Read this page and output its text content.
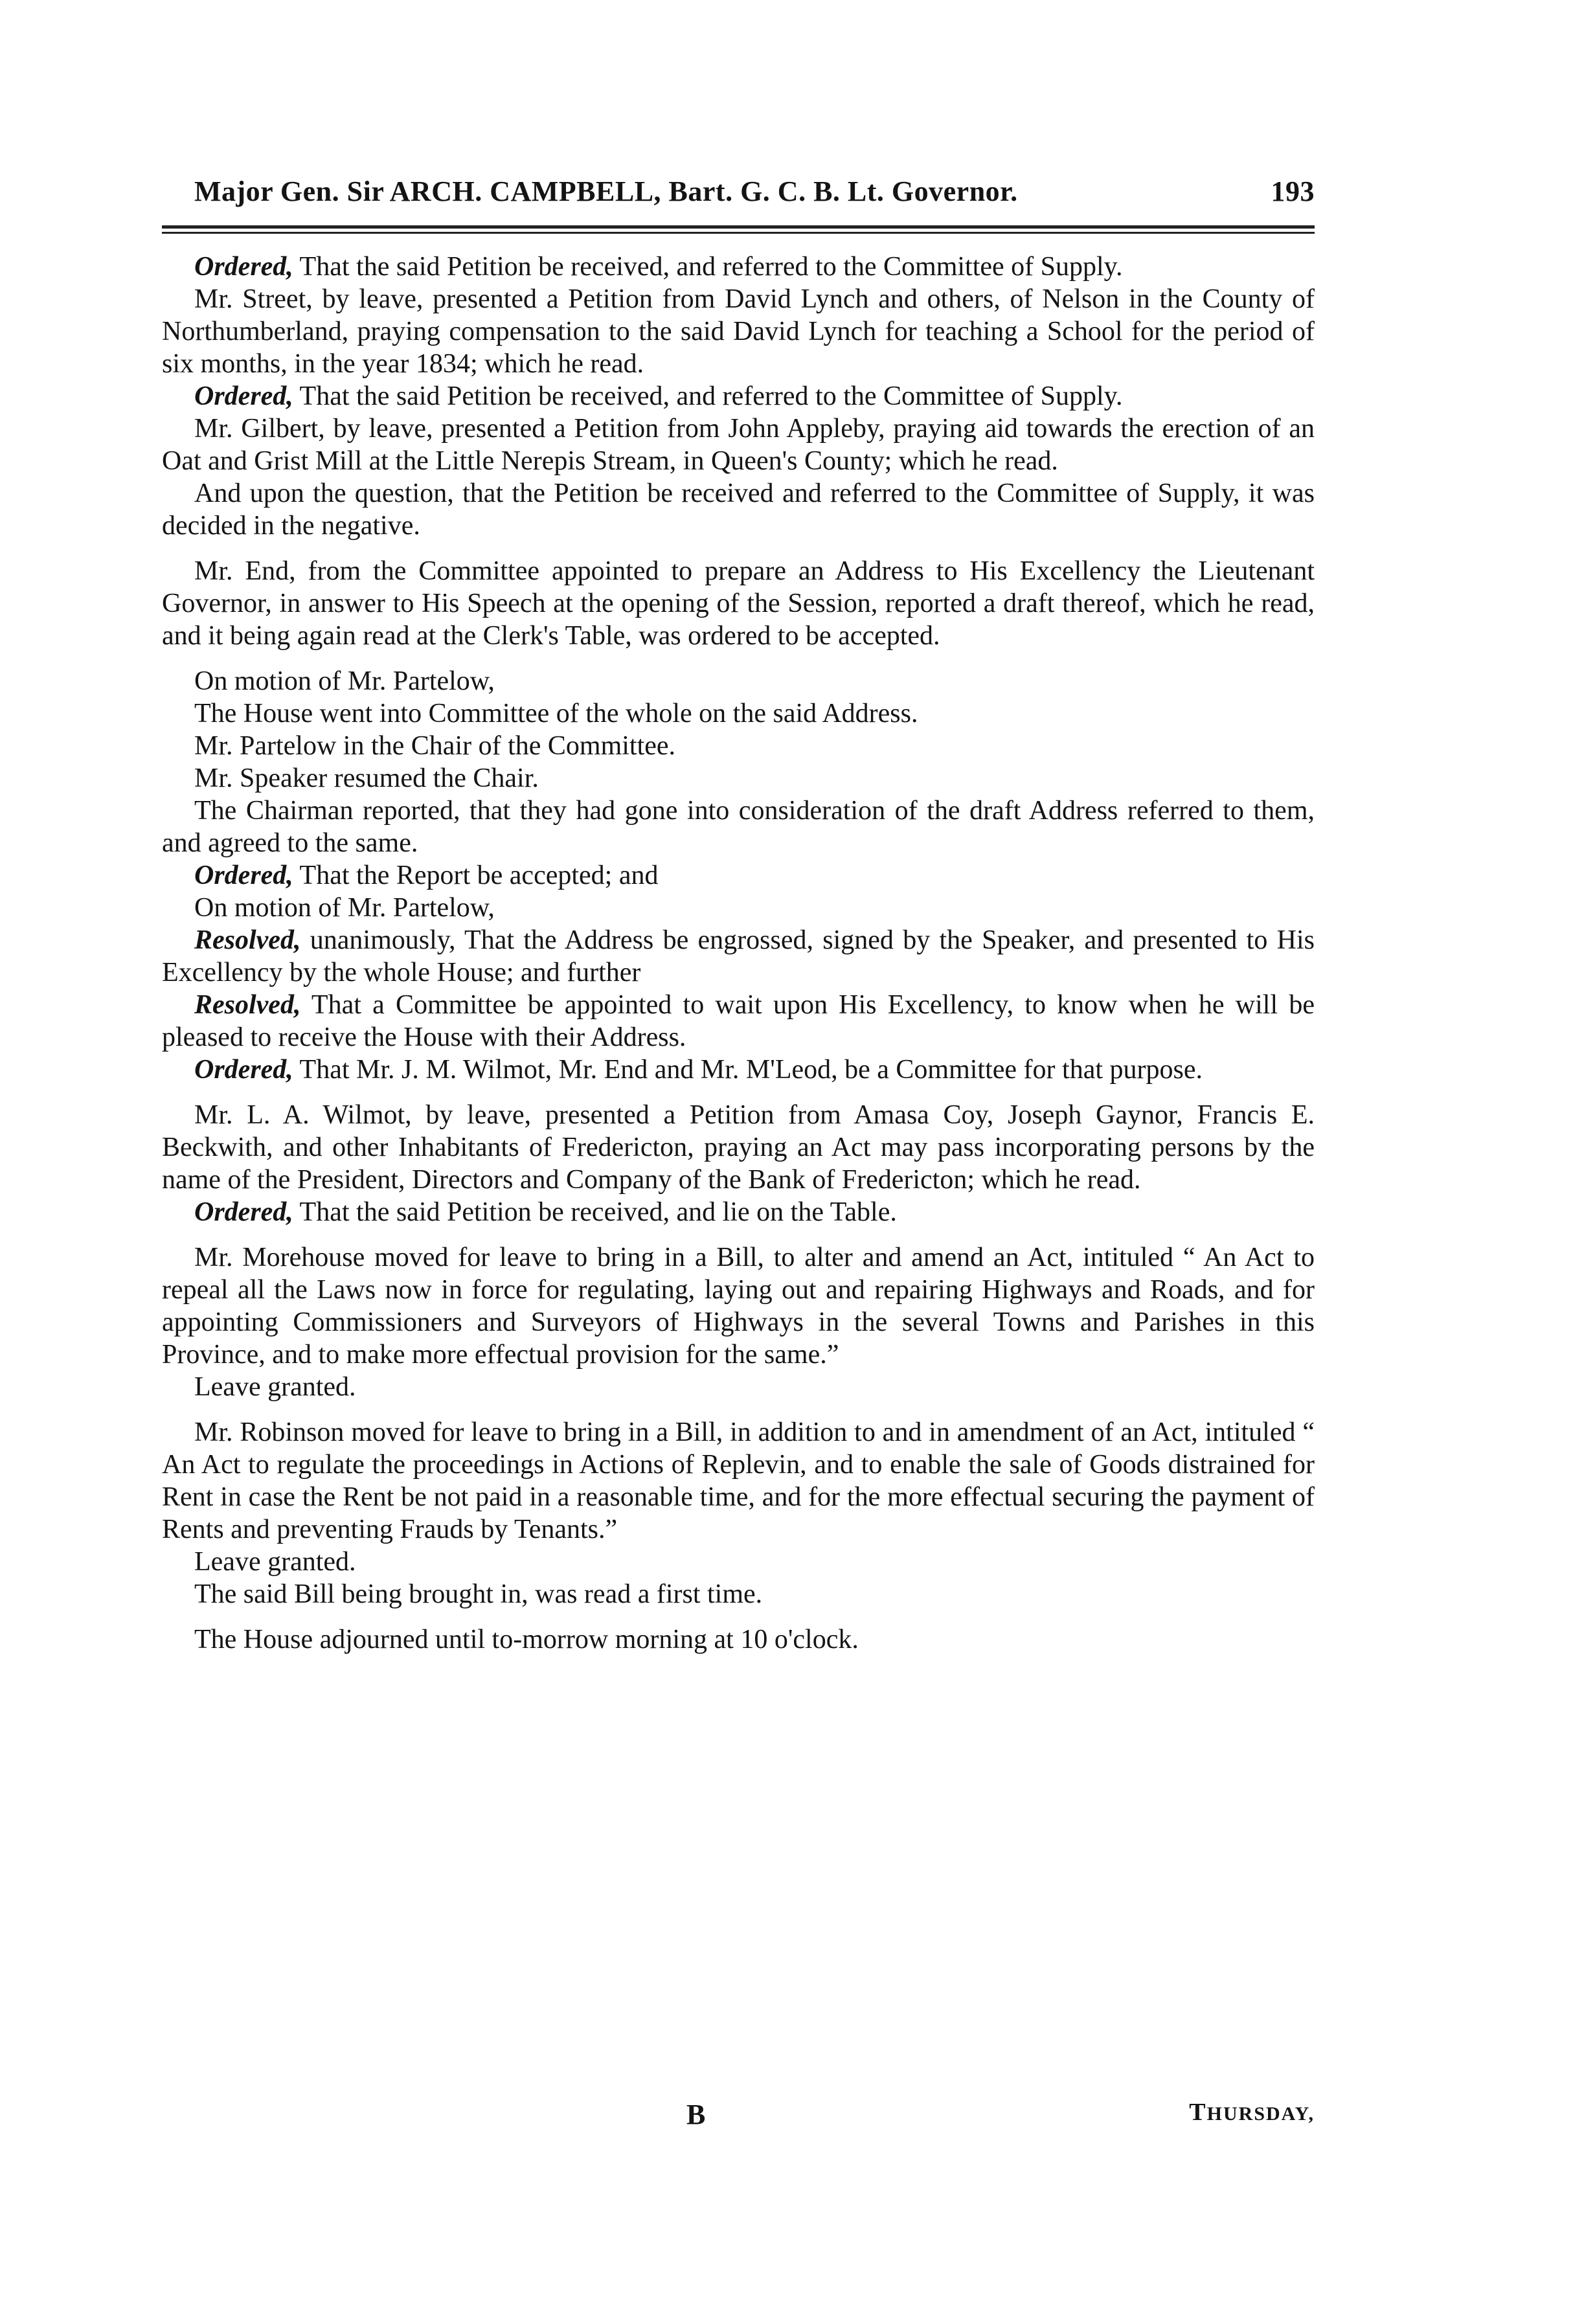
Major Gen. Sir ARCH. CAMPBELL, Bart. G. C. B. Lt. Governor.	193

Ordered, That the said Petition be received, and referred to the Committee of Supply.

Mr. Street, by leave, presented a Petition from David Lynch and others, of Nelson in the County of Northumberland, praying compensation to the said David Lynch for teaching a School for the period of six months, in the year 1834; which he read.

Ordered, That the said Petition be received, and referred to the Committee of Supply.

Mr. Gilbert, by leave, presented a Petition from John Appleby, praying aid towards the erection of an Oat and Grist Mill at the Little Nerepis Stream, in Queen's County; which he read.

And upon the question, that the Petition be received and referred to the Committee of Supply, it was decided in the negative.

Mr. End, from the Committee appointed to prepare an Address to His Excellency the Lieutenant Governor, in answer to His Speech at the opening of the Session, reported a draft thereof, which he read, and it being again read at the Clerk's Table, was ordered to be accepted.

On motion of Mr. Partelow,

The House went into Committee of the whole on the said Address.

Mr. Partelow in the Chair of the Committee.

Mr. Speaker resumed the Chair.

The Chairman reported, that they had gone into consideration of the draft Address referred to them, and agreed to the same.

Ordered, That the Report be accepted; and

On motion of Mr. Partelow,

Resolved, unanimously, That the Address be engrossed, signed by the Speaker, and presented to His Excellency by the whole House; and further

Resolved, That a Committee be appointed to wait upon His Excellency, to know when he will be pleased to receive the House with their Address.

Ordered, That Mr. J. M. Wilmot, Mr. End and Mr. M'Leod, be a Committee for that purpose.

Mr. L. A. Wilmot, by leave, presented a Petition from Amasa Coy, Joseph Gaynor, Francis E. Beckwith, and other Inhabitants of Fredericton, praying an Act may pass incorporating persons by the name of the President, Directors and Company of the Bank of Fredericton; which he read.

Ordered, That the said Petition be received, and lie on the Table.

Mr. Morehouse moved for leave to bring in a Bill, to alter and amend an Act, intituled “ An Act to repeal all the Laws now in force for regulating, laying out and repairing Highways and Roads, and for appointing Commissioners and Surveyors of Highways in the several Towns and Parishes in this Province, and to make more effectual provision for the same.”

Leave granted.

Mr. Robinson moved for leave to bring in a Bill, in addition to and in amendment of an Act, intituled “ An Act to regulate the proceedings in Actions of Replevin, and to enable the sale of Goods distrained for Rent in case the Rent be not paid in a reasonable time, and for the more effectual securing the payment of Rents and preventing Frauds by Tenants.”

Leave granted.

The said Bill being brought in, was read a first time.

The House adjourned until to-morrow morning at 10 o'clock.

B	THURSDAY,
